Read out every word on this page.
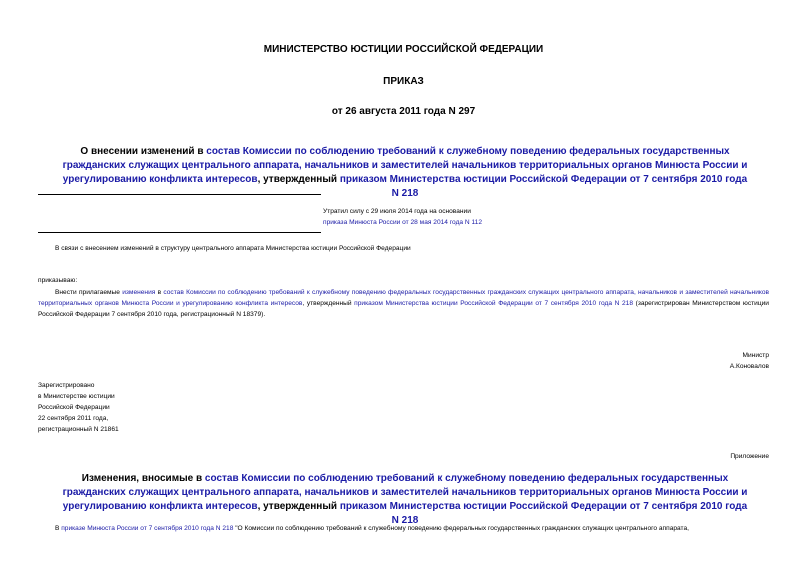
МИНИСТЕРСТВО ЮСТИЦИИ РОССИЙСКОЙ ФЕДЕРАЦИИ
ПРИКАЗ
от 26 августа 2011 года N 297
О внесении изменений в состав Комиссии по соблюдению требований к служебному поведению федеральных государственных гражданских служащих центрального аппарата, начальников и заместителей начальников территориальных органов Минюста России и урегулированию конфликта интересов, утвержденный приказом Министерства юстиции Российской Федерации от 7 сентября 2010 года N 218
Утратил силу с 29 июля 2014 года на основании
приказа Минюста России от 28 мая 2014 года N 112
В связи с внесением изменений в структуру центрального аппарата Министерства юстиции Российской Федерации
приказываю:
Внести прилагаемые изменения в состав Комиссии по соблюдению требований к служебному поведению федеральных государственных гражданских служащих центрального аппарата, начальников и заместителей начальников территориальных органов Минюста России и урегулированию конфликта интересов, утвержденный приказом Министерства юстиции Российской Федерации от 7 сентября 2010 года N 218 (зарегистрирован Министерством юстиции Российской Федерации 7 сентября 2010 года, регистрационный N 18379).
Министр
А.Коновалов
Зарегистрировано
в Министерстве юстиции
Российской Федерации
22 сентября 2011 года,
регистрационный N 21861
Приложение
Изменения, вносимые в состав Комиссии по соблюдению требований к служебному поведению федеральных государственных гражданских служащих центрального аппарата, начальников и заместителей начальников территориальных органов Минюста России и урегулированию конфликта интересов, утвержденный приказом Министерства юстиции Российской Федерации от 7 сентября 2010 года N 218
В приказе Минюста России от 7 сентября 2010 года N 218 "О Комиссии по соблюдению требований к служебному поведению федеральных государственных гражданских служащих центрального аппарата,
